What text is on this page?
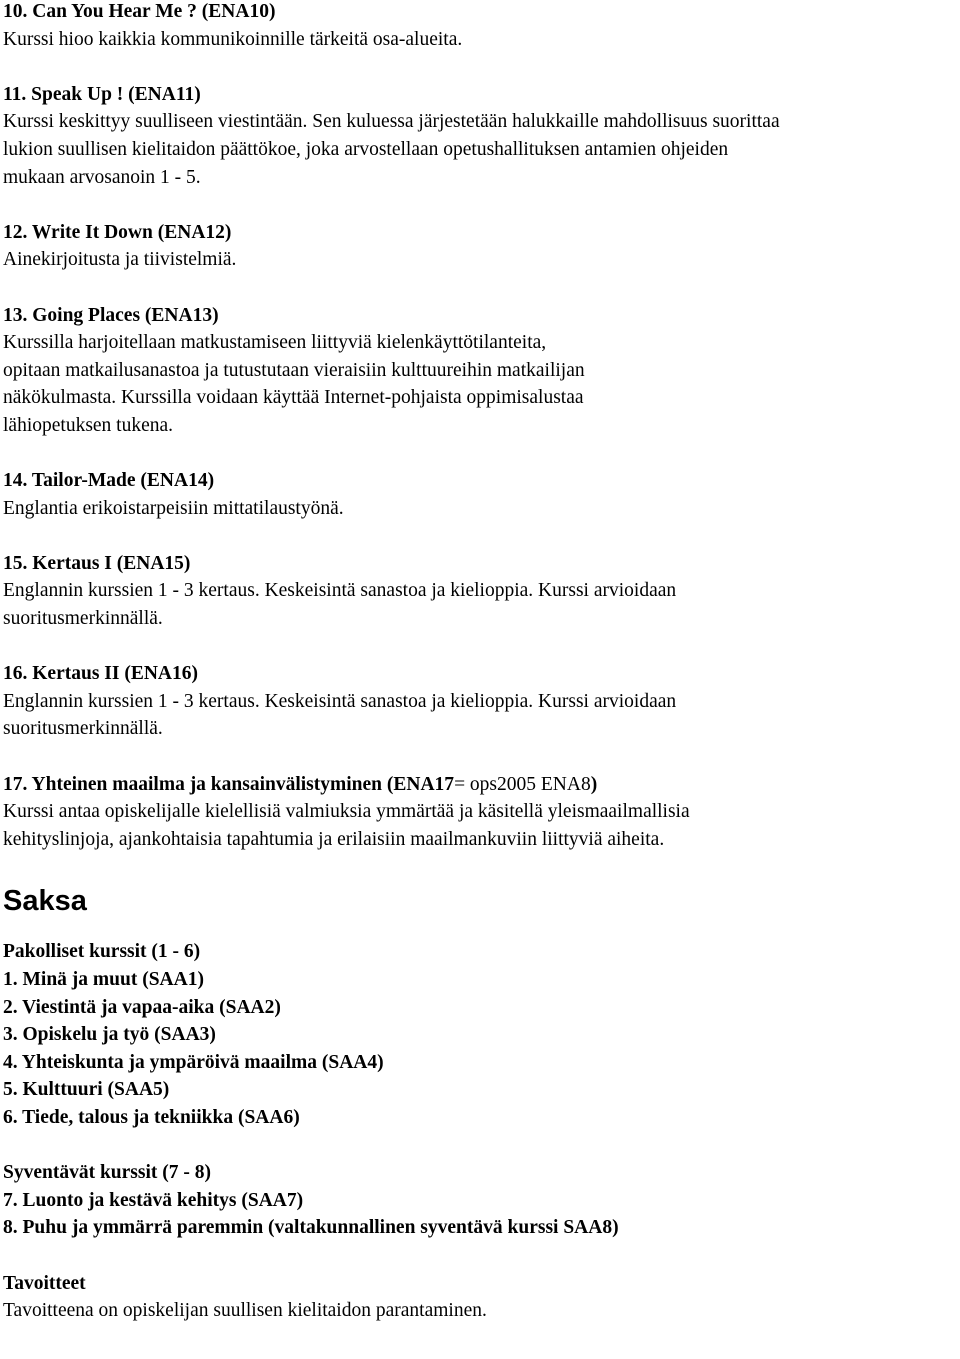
10. Can You Hear Me ? (ENA10)
Kurssi hioo kaikkia kommunikoinnille tärkeitä osa-alueita.
11. Speak Up ! (ENA11)
Kurssi keskittyy suulliseen viestintään. Sen kuluessa järjestetään halukkaille mahdollisuus suorittaa
lukion suullisen kielitaidon päättökoe, joka arvostellaan opetushallituksen antamien ohjeiden
mukaan arvosanoin 1 - 5.
12. Write It Down (ENA12)
Ainekirjoitusta ja tiivistelmiä.
13. Going Places (ENA13)
Kurssilla harjoitellaan matkustamiseen liittyviä kielenkäyttötilanteita,
opitaan matkailusanastoa ja tutustutaan vieraisiin kulttuureihin matkailijan
näkökulmasta. Kurssilla voidaan käyttää Internet-pohjaista oppimisalustaa
lähiopetuksen tukena.
14. Tailor-Made (ENA14)
Englantia erikoistarpeisiin mittatilaustyönä.
15. Kertaus I (ENA15)
Englannin kurssien 1 - 3 kertaus. Keskeisintä sanastoa ja kielioppia. Kurssi arvioidaan
suoritusmerkinnällä.
16. Kertaus II (ENA16)
Englannin kurssien 1 - 3 kertaus. Keskeisintä sanastoa ja kielioppia. Kurssi arvioidaan
suoritusmerkinnällä.
17. Yhteinen maailma ja kansainvälistyminen (ENA17= ops2005 ENA8)
Kurssi antaa opiskelijalle kielellisiä valmiuksia ymmärtää ja käsitellä yleismaailmallisia
kehityslinjoja, ajankohtaisia tapahtumia ja erilaisiin maailmankuviin liittyviä aiheita.
Saksa
Pakolliset kurssit (1 - 6)
1. Minä ja muut (SAA1)
2. Viestintä ja vapaa-aika (SAA2)
3. Opiskelu ja työ (SAA3)
4. Yhteiskunta ja ympäröivä maailma (SAA4)
5. Kulttuuri (SAA5)
6. Tiede, talous ja tekniikka (SAA6)
Syventävät kurssit (7 - 8)
7. Luonto ja kestävä kehitys (SAA7)
8. Puhu ja ymmärrä paremmin (valtakunnallinen syventävä kurssi SAA8)
Tavoitteet
Tavoitteena on opiskelijan suullisen kielitaidon parantaminen.
